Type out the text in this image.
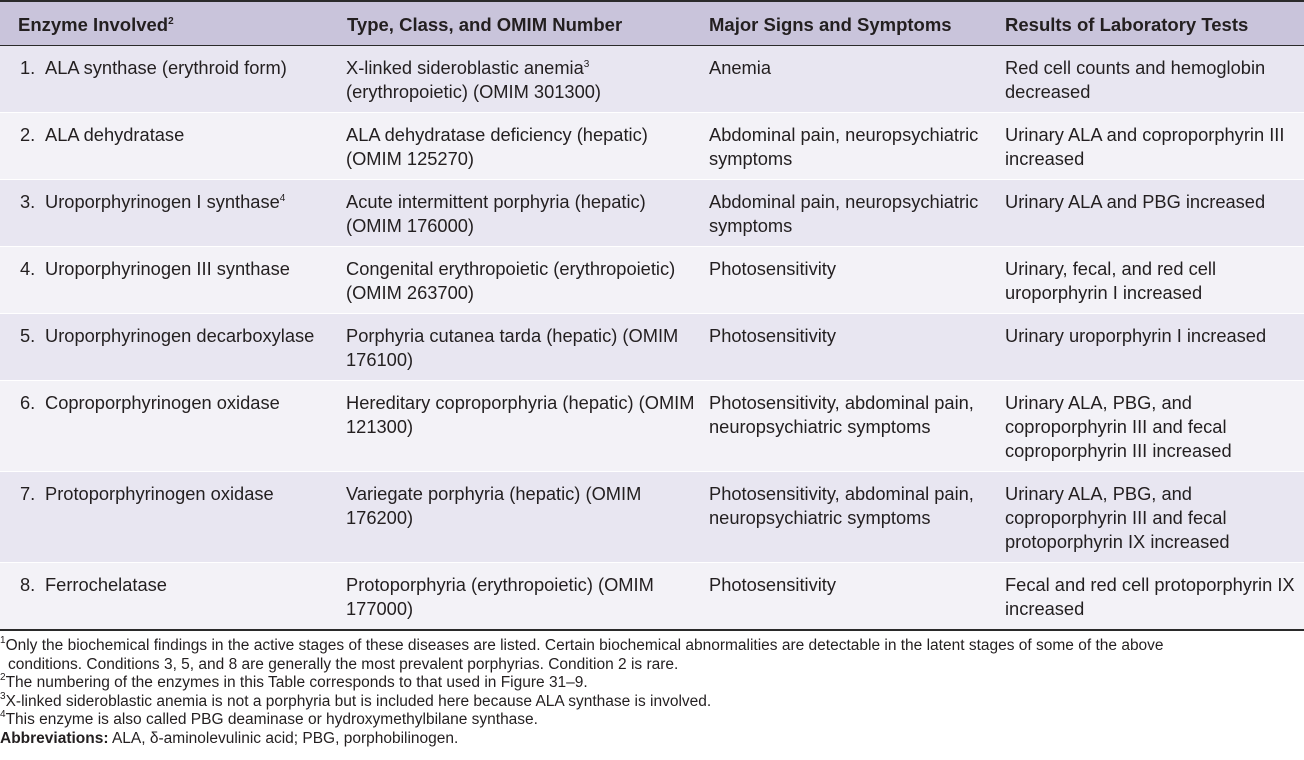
Enzyme Involved$^2$	Type, Class, and OMIM Number	Major Signs and Symptoms	Results of Laboratory Tests
1. ALA synthase (erythroid form)	X-linked sideroblastic anemia$^3$ (erythropoietic) (OMIM 301300)	Anemia	Red cell counts and hemoglobin decreased
2. ALA dehydratase	ALA dehydratase deficiency (hepatic) (OMIM 125270)	Abdominal pain, neuropsychiatric symptoms	Urinary ALA and coproporphyrin III increased
3. Uroporphyrinogen I synthase$^4$	Acute intermittent porphyria (hepatic) (OMIM 176000)	Abdominal pain, neuropsychiatric symptoms	Urinary ALA and PBG increased
4. Uroporphyrinogen III synthase	Congenital erythropoietic (erythropoietic) (OMIM 263700)	Photosensitivity	Urinary, fecal, and red cell uroporphyrin I increased
5. Uroporphyrinogen decarboxylase	Porphyria cutanea tarda (hepatic) (OMIM 176100)	Photosensitivity	Urinary uroporphyrin I increased
6. Coproporphyrinogen oxidase	Hereditary coproporphyria (hepatic) (OMIM 121300)	Photosensitivity, abdominal pain, neuropsychiatric symptoms	Urinary ALA, PBG, and coproporphyrin III and fecal coproporphyrin III increased
7. Protoporphyrinogen oxidase	Variegate porphyria (hepatic) (OMIM 176200)	Photosensitivity, abdominal pain, neuropsychiatric symptoms	Urinary ALA, PBG, and coproporphyrin III and fecal protoporphyrin IX increased
8. Ferrochelatase	Protoporphyria (erythropoietic) (OMIM 177000)	Photosensitivity	Fecal and red cell protoporphyrin IX increased

$^1$Only the biochemical findings in the active stages of these diseases are listed. Certain biochemical abnormalities are detectable in the latent stages of some of the above

conditions. Conditions 3, 5, and 8 are generally the most prevalent porphyrias. Condition 2 is rare.

$^2$The numbering of the enzymes in this Table corresponds to that used in Figure 31–9.

$^3$X-linked sideroblastic anemia is not a porphyria but is included here because ALA synthase is involved.

$^4$This enzyme is also called PBG deaminase or hydroxymethylbilane synthase.

Abbreviations: ALA, δ-aminolevulinic acid; PBG, porphobilinogen.
